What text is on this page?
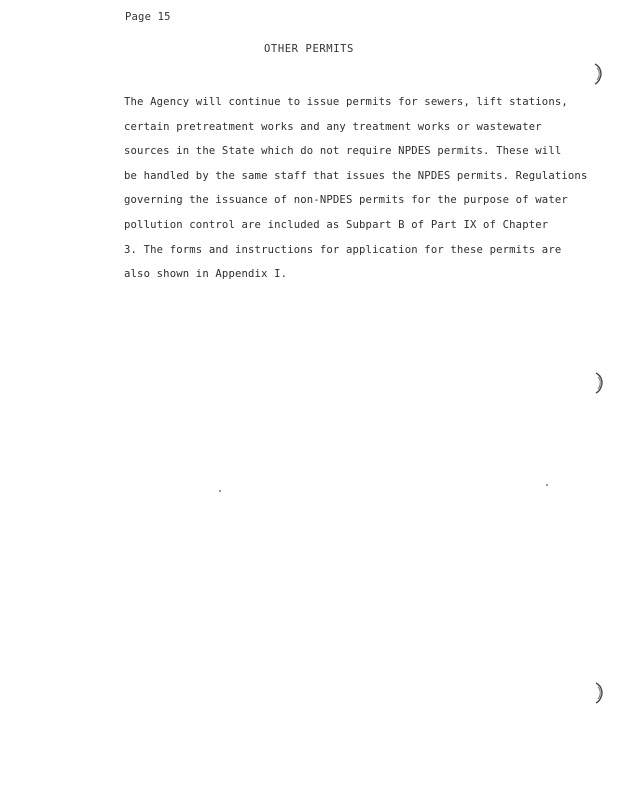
Page 15
OTHER PERMITS
The Agency will continue to issue permits for sewers, lift stations,
certain pretreatment works and any treatment works or wastewater
sources in the State which do not require NPDES permits. These will
be handled by the same staff that issues the NPDES permits. Regulations
governing the issuance of non-NPDES permits for the purpose of water
pollution control are included as Subpart B of Part IX of Chapter
3. The forms and instructions for application for these permits are
also shown in Appendix I.
